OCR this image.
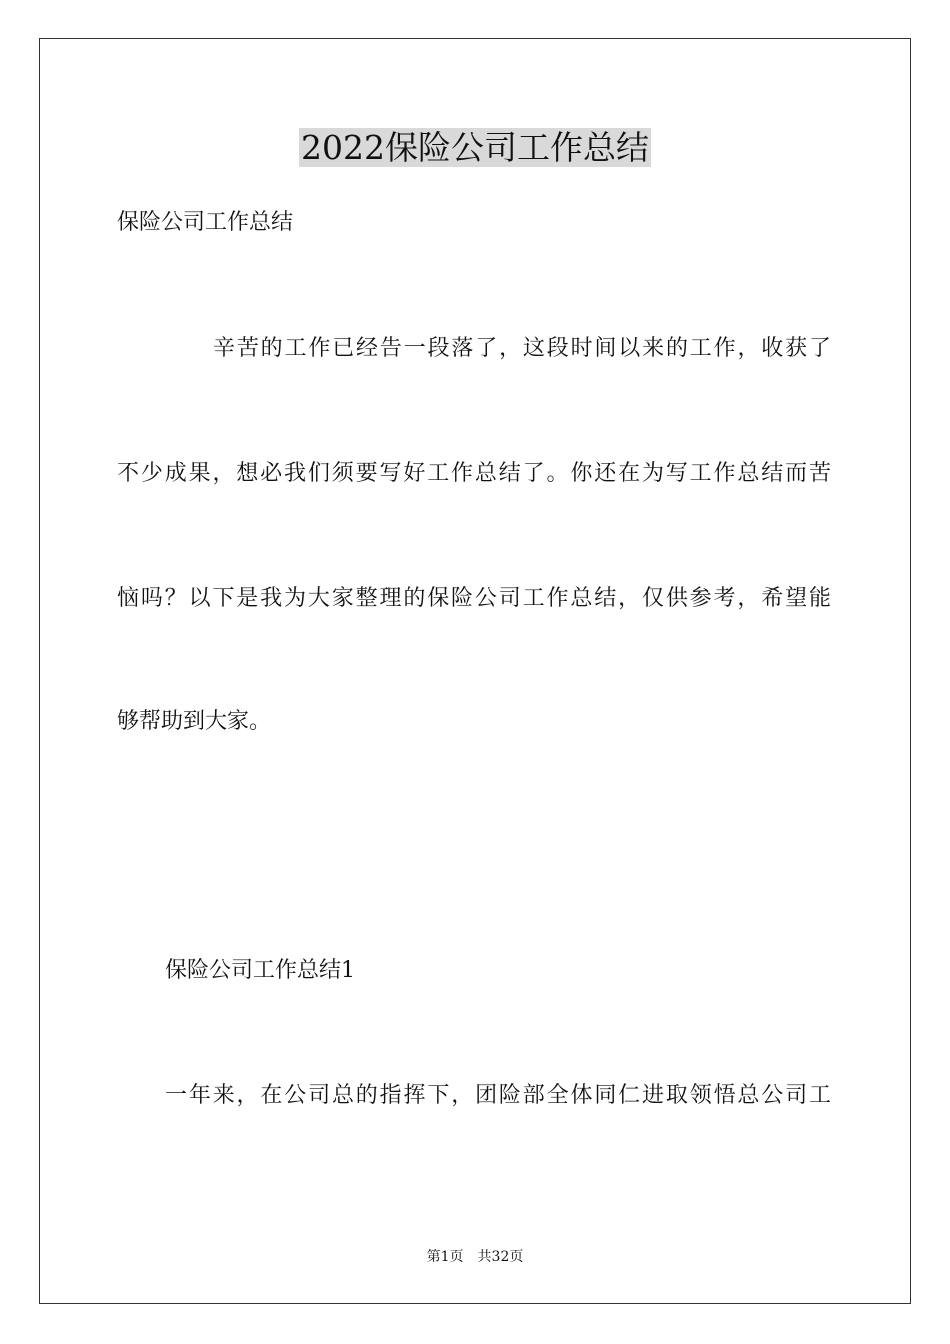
2022保险公司工作总结
保险公司工作总结
辛苦的工作已经告一段落了，这段时间以来的工作，收获了
不少成果，想必我们须要写好工作总结了。你还在为写工作总结而苦
恼吗？以下是我为大家整理的保险公司工作总结，仅供参考，希望能
够帮助到大家。
保险公司工作总结1
一年来，在公司总的指挥下，团险部全体同仁进取领悟总公司工
第1页　共32页
